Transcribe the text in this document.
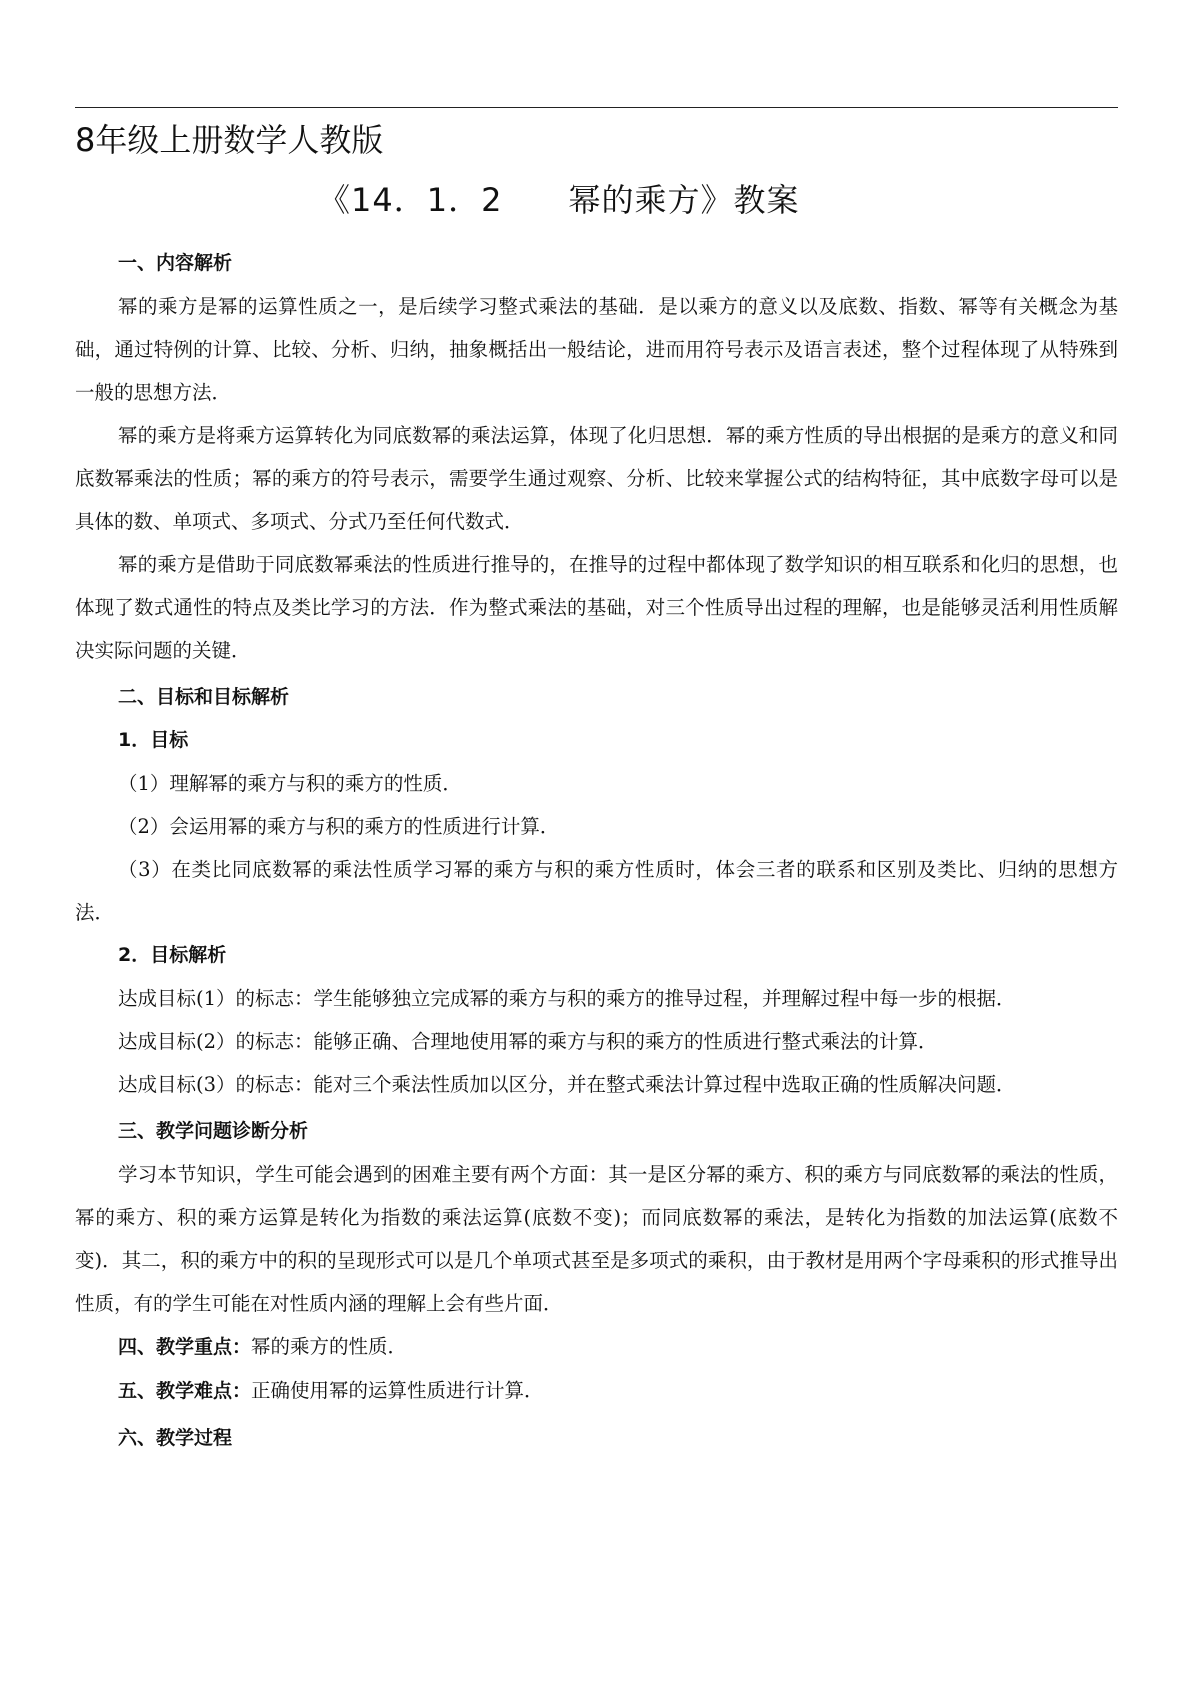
8年级上册数学人教版
《14．1．2　　幂的乘方》教案

一、内容解析

幂的乘方是幂的运算性质之一，是后续学习整式乘法的基础．是以乘方的意义以及底数、指数、幂等有关概念为基础，通过特例的计算、比较、分析、归纳，抽象概括出一般结论，进而用符号表示及语言表述，整个过程体现了从特殊到一般的思想方法．

幂的乘方是将乘方运算转化为同底数幂的乘法运算，体现了化归思想．幂的乘方性质的导出根据的是乘方的意义和同底数幂乘法的性质；幂的乘方的符号表示，需要学生通过观察、分析、比较来掌握公式的结构特征，其中底数字母可以是具体的数、单项式、多项式、分式乃至任何代数式．

幂的乘方是借助于同底数幂乘法的性质进行推导的，在推导的过程中都体现了数学知识的相互联系和化归的思想，也体现了数式通性的特点及类比学习的方法．作为整式乘法的基础，对三个性质导出过程的理解，也是能够灵活利用性质解决实际问题的关键．

二、目标和目标解析

1．目标

（1）理解幂的乘方与积的乘方的性质．

（2）会运用幂的乘方与积的乘方的性质进行计算．

（3）在类比同底数幂的乘法性质学习幂的乘方与积的乘方性质时，体会三者的联系和区别及类比、归纳的思想方法．

2．目标解析

达成目标(1）的标志：学生能够独立完成幂的乘方与积的乘方的推导过程，并理解过程中每一步的根据．

达成目标(2）的标志：能够正确、合理地使用幂的乘方与积的乘方的性质进行整式乘法的计算．

达成目标(3）的标志：能对三个乘法性质加以区分，并在整式乘法计算过程中选取正确的性质解决问题．

三、教学问题诊断分析

学习本节知识，学生可能会遇到的困难主要有两个方面：其一是区分幂的乘方、积的乘方与同底数幂的乘法的性质，幂的乘方、积的乘方运算是转化为指数的乘法运算(底数不变)；而同底数幂的乘法，是转化为指数的加法运算(底数不变)．其二，积的乘方中的积的呈现形式可以是几个单项式甚至是多项式的乘积，由于教材是用两个字母乘积的形式推导出性质，有的学生可能在对性质内涵的理解上会有些片面．

四、教学重点：幂的乘方的性质．

五、教学难点：正确使用幂的运算性质进行计算．

六、教学过程
